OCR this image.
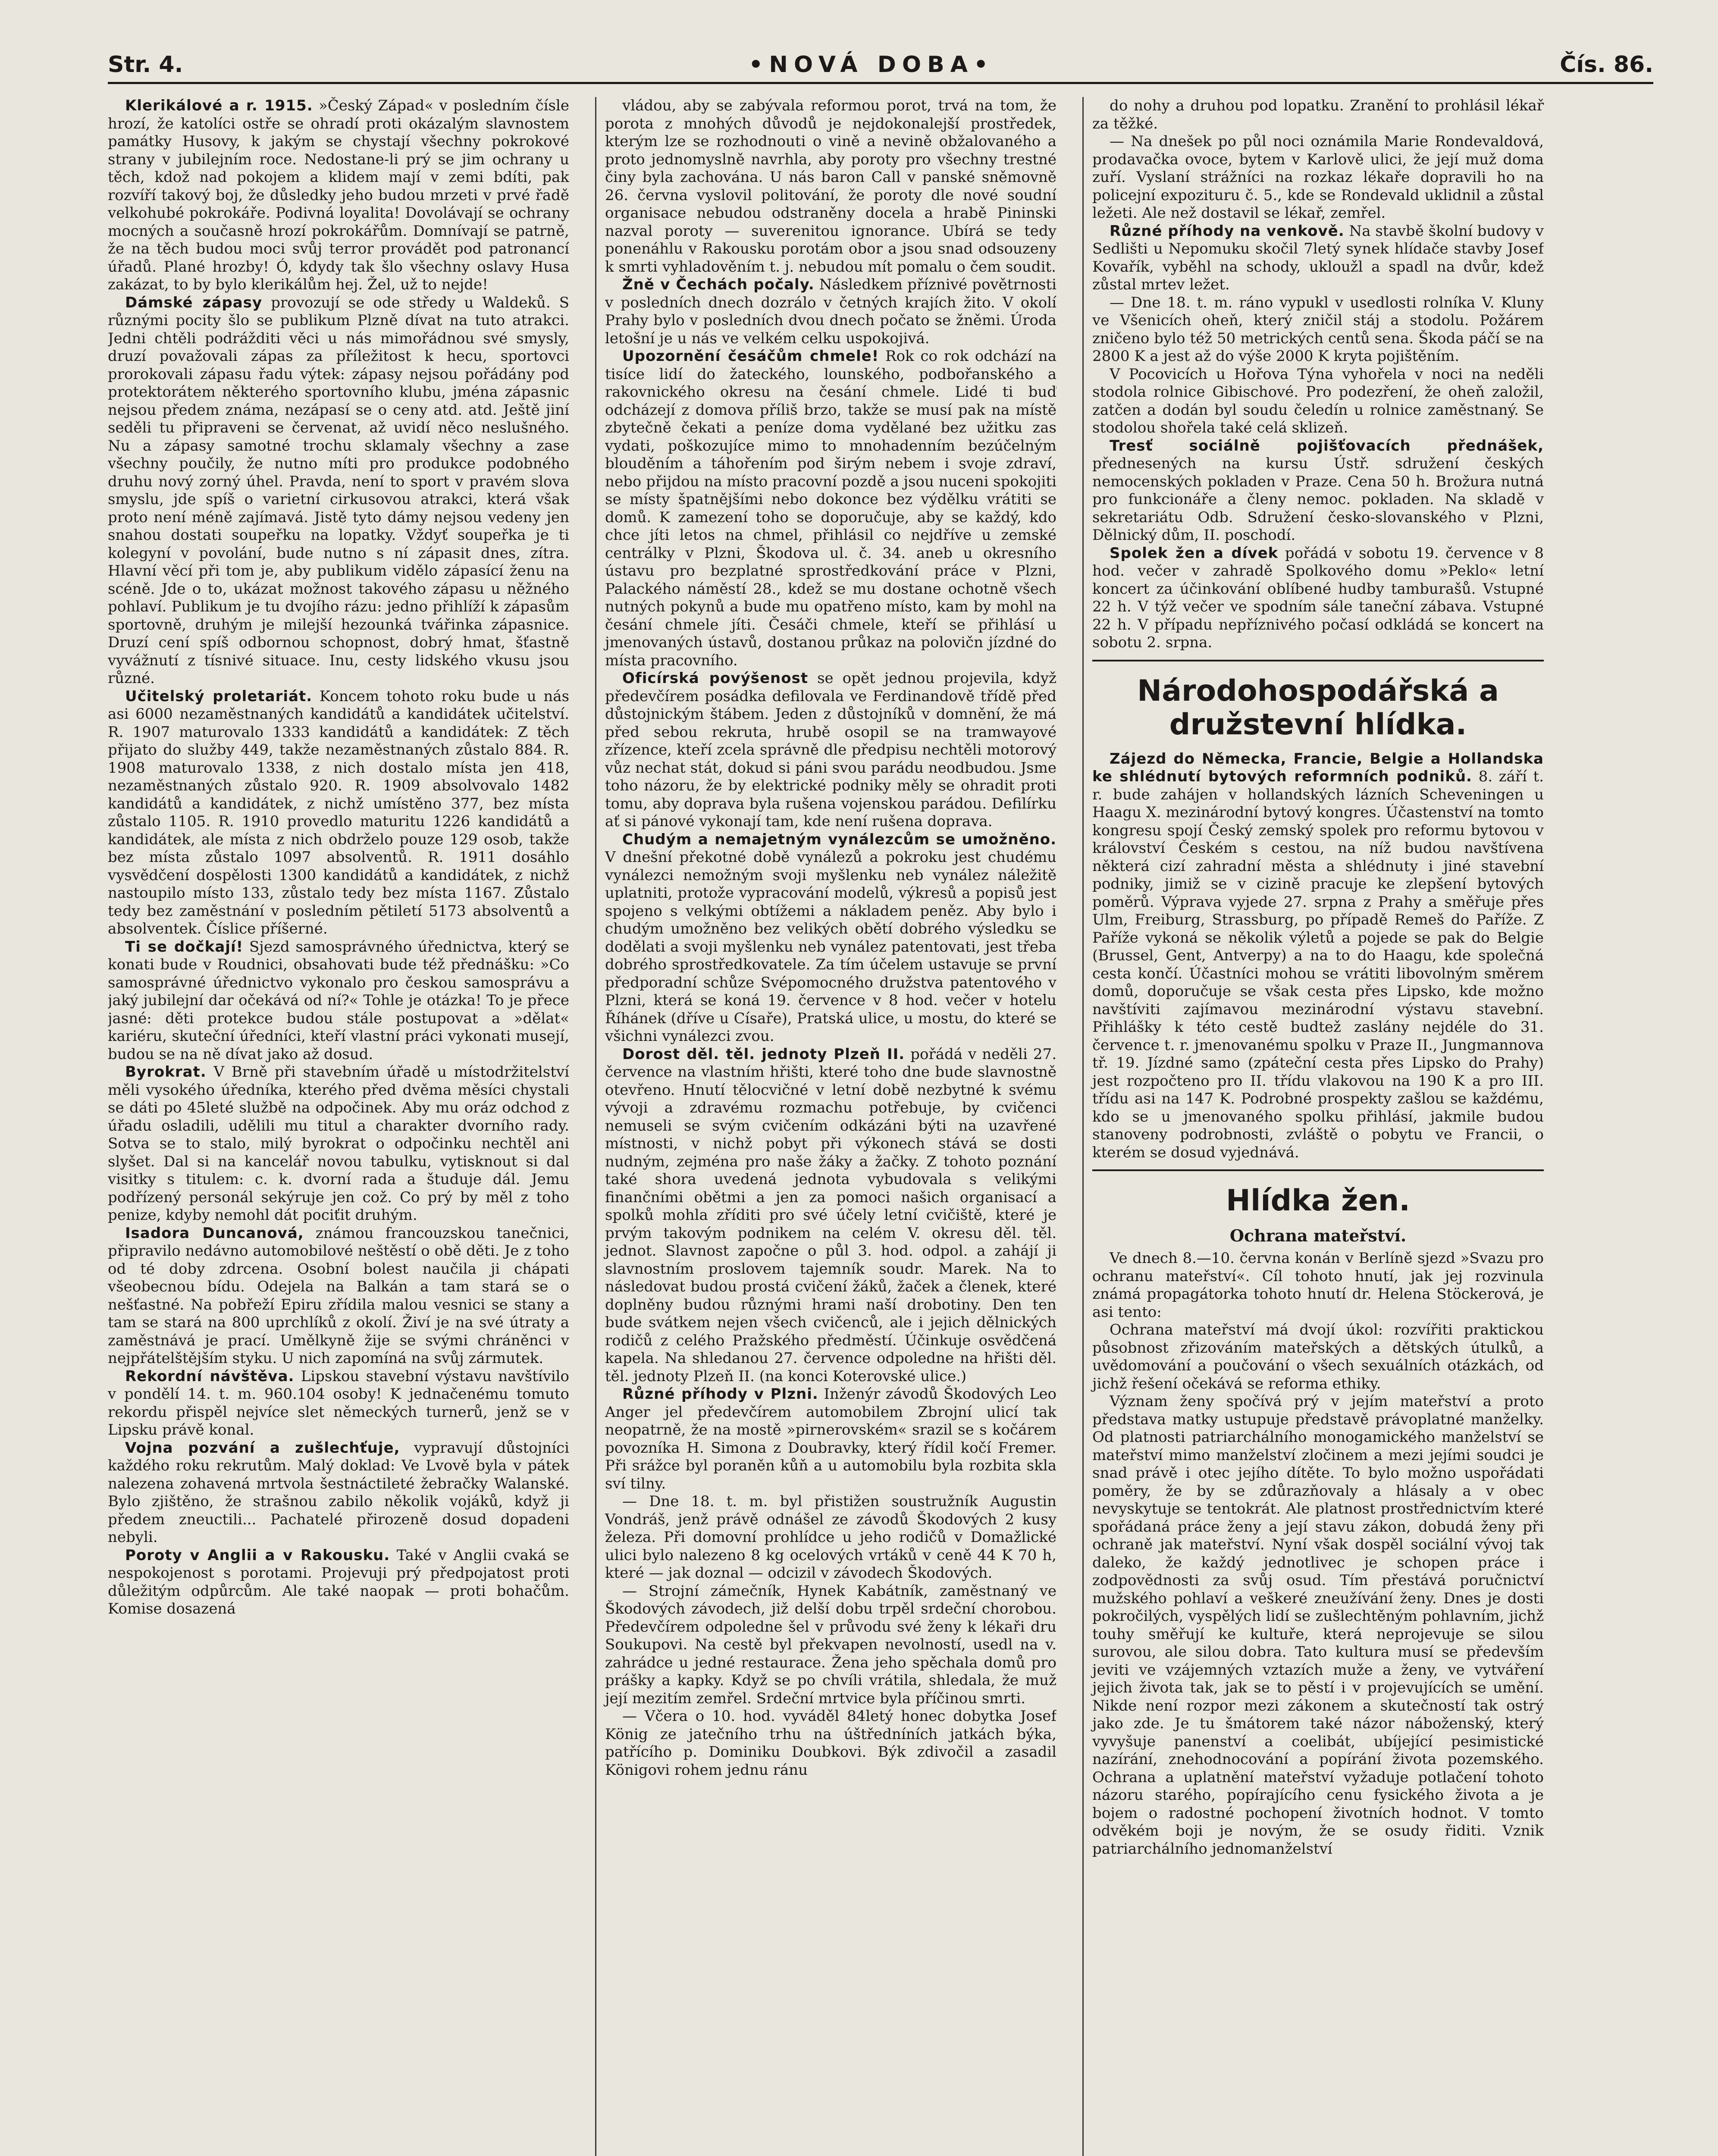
Str. 4.	•NOVÁ DOBA•	Čís. 86.

Klerikálové a r. 1915. »Český Západ« v posledním čísle hrozí, že katolíci ostře se ohradí proti okázalým slavnostem památky Husovy, k jakým se chystají všechny pokrokové strany v jubilejním roce. Nedostane-li prý se jim ochrany u těch, kdož nad pokojem a klidem mají v zemi bdíti, pak rozvíří takový boj, že důsledky jeho budou mrzeti v prvé řadě velkohubé pokrokáře. Podivná loyalita! Dovolávají se ochrany mocných a současně hrozí pokrokářům. Domnívají se patrně, že na těch budou moci svůj terror provádět pod patronancí úřadů. Plané hrozby! Ó, kdydy tak šlo všechny oslavy Husa zakázat, to by bylo klerikálům hej. Žel, už to nejde!

Dámské zápasy provozují se ode středy u Waldeků. S různými pocity šlo se publikum Plzně dívat na tuto atrakci. Jedni chtěli podrážditi věci u nás mimořádnou své smysly, druzí považovali zápas za příležitost k hecu, sportovci prorokovali zápasu řadu výtek: zápasy nejsou pořádány pod protektorátem některého sportovního klubu, jména zápasnic nejsou předem známa, nezápasí se o ceny atd. atd. Ještě jiní seděli tu připraveni se červenat, až uvidí něco neslušného. Nu a zápasy samotné trochu sklamaly všechny a zase všechny poučily, že nutno míti pro produkce podobného druhu nový zorný úhel. Pravda, není to sport v pravém slova smyslu, jde spíš o varietní cirkusovou atrakci, která však proto není méně zajímavá. Jistě tyto dámy nejsou vedeny jen snahou dostati soupeřku na lopatky. Vždyť soupeřka je ti kolegyní v povolání, bude nutno s ní zápasit dnes, zítra. Hlavní věcí při tom je, aby publikum vidělo zápasící ženu na scéně. Jde o to, ukázat možnost takového zápasu u něžného pohlaví. Publikum je tu dvojího rázu: jedno přihlíží k zápasům sportovně, druhým je milejší hezounká tvářinka zápasnice. Druzí cení spíš odbornou schopnost, dobrý hmat, šťastně vyvážnutí z tísnivé situace. Inu, cesty lidského vkusu jsou různé.

Učitelský proletariát. Koncem tohoto roku bude u nás asi 6000 nezaměstnaných kandidátů a kandidátek učitelství. R. 1907 maturovalo 1333 kandidátů a kandidátek: Z těch přijato do služby 449, takže nezaměstnaných zůstalo 884. R. 1908 maturovalo 1338, z nich dostalo místa jen 418, nezaměstnaných zůstalo 920. R. 1909 absolvovalo 1482 kandidátů a kandidátek, z nichž umístěno 377, bez místa zůstalo 1105. R. 1910 provedlo maturitu 1226 kandidátů a kandidátek, ale místa z nich obdrželo pouze 129 osob, takže bez místa zůstalo 1097 absolventů. R. 1911 dosáhlo vysvědčení dospělosti 1300 kandidátů a kandidátek, z nichž nastoupilo místo 133, zůstalo tedy bez místa 1167. Zůstalo tedy bez zaměstnání v posledním pětiletí 5173 absolventů a absolventek. Číslice příšerné.

Ti se dočkají! Sjezd samosprávného úřednictva, který se konati bude v Roudnici, obsahovati bude též přednášku: »Co samosprávné úřednictvo vykonalo pro českou samosprávu a jaký jubilejní dar očekává od ní?« Tohle je otázka! To je přece jasné: děti protekce budou stále postupovat a »dělat« kariéru, skuteční úředníci, kteří vlastní práci vykonati musejí, budou se na ně dívat jako až dosud.

Byrokrat. V Brně při stavebním úřadě u místodržitelství měli vysokého úředníka, kterého před dvěma měsíci chystali se dáti po 45leté službě na odpočinek. Aby mu oráz odchod z úřadu osladili, udělili mu titul a charakter dvorního rady. Sotva se to stalo, milý byrokrat o odpočinku nechtěl ani slyšet. Dal si na kancelář novou tabulku, vytisknout si dal visitky s titulem: c. k. dvorní rada a študuje dál. Jemu podřízený personál sekýruje jen což. Co prý by měl z toho penize, kdyby nemohl dát pociťit druhým.

Isadora Duncanová, známou francouzskou tanečnici, připravilo nedávno automobilové neštěstí o obě děti. Je z toho od té doby zdrcena. Osobní bolest naučila ji chápati všeobecnou bídu. Odejela na Balkán a tam stará se o nešťastné. Na pobřeží Epiru zřídila malou vesnici se stany a tam se stará na 800 uprchlíků z okolí. Živí je na své útraty a zaměstnává je prací. Umělkyně žije se svými chráněnci v nejpřátelštějším styku. U nich zapomíná na svůj zármutek.

Rekordní návštěva. Lipskou stavební výstavu navštívilo v pondělí 14. t. m. 960.104 osoby! K jednačenému tomuto rekordu přispěl nejvíce slet německých turnerů, jenž se v Lipsku právě konal.

Vojna pozvání a zušlechťuje, vypravují důstojníci každého roku rekrutům. Malý doklad: Ve Lvově byla v pátek nalezena zohavená mrtvola šestnáctileté žebračky Walanské. Bylo zjištěno, že strašnou zabilo několik vojáků, když ji předem zneuctili... Pachatelé přirozeně dosud dopadeni nebyli.

Poroty v Anglii a v Rakousku. Také v Anglii cvaká se nespokojenost s porotami. Projevuji prý předpojatost proti důležitým odpůrcům. Ale také naopak — proti bohačům. Komise dosazená

vládou, aby se zabývala reformou porot, trvá na tom, že porota z mnohých důvodů je nejdokonalejší prostředek, kterým lze se rozhodnouti o vině a nevině obžalovaného a proto jednomyslně navrhla, aby poroty pro všechny trestné činy byla zachována. U nás baron Call v panské sněmovně 26. června vyslovil politování, že poroty dle nové soudní organisace nebudou odstraněny docela a hrabě Pininski nazval poroty — suverenitou ignorance. Ubírá se tedy ponenáhlu v Rakousku porotám obor a jsou snad odsouzeny k smrti vyhladověním t. j. nebudou mít pomalu o čem soudit.

Žně v Čechách počaly. Následkem příznivé povětrnosti v posledních dnech dozrálo v četných krajích žito. V okolí Prahy bylo v posledních dvou dnech počato se žněmi. Úroda letošní je u nás ve velkém celku uspokojivá.

Upozornění česáčům chmele! Rok co rok odchází na tisíce lidí do žateckého, lounského, podbořanského a rakovnického okresu na česání chmele. Lidé ti buď odcházejí z domova příliš brzo, takže se musí pak na místě zbytečně čekati a peníze doma vydělané bez užitku zas vydati, poškozujíce mimo to mnohadenním bezúčelným blouděním a táhořením pod širým nebem i svoje zdraví, nebo přijdou na místo pracovní pozdě a jsou nuceni spokojiti se místy špatnějšími nebo dokonce bez výdělku vrátiti se domů. K zamezení toho se doporučuje, aby se každý, kdo chce jíti letos na chmel, přihlásil co nejdříve u zemské centrálky v Plzni, Škodova ul. č. 34. aneb u okresního ústavu pro bezplatné sprostředkování práce v Plzni, Palackého náměstí 28., kdež se mu dostane ochotně všech nutných pokynů a bude mu opatřeno místo, kam by mohl na česání chmele jíti. Česáči chmele, kteří se přihlásí u jmenovaných ústavů, dostanou průkaz na polovičn jízdné do místa pracovního.

Oficírská povýšenost se opět jednou projevila, když předevčírem posádka defilovala ve Ferdinandově třídě před důstojnickým štábem. Jeden z důstojníků v domnění, že má před sebou rekruta, hrubě osopil se na tramwayové zřízence, kteří zcela správně dle předpisu nechtěli motorový vůz nechat stát, dokud si páni svou parádu neodbudou. Jsme toho názoru, že by elektrické podniky měly se ohradit proti tomu, aby doprava byla rušena vojenskou parádou. Defilírku ať si pánové vykonají tam, kde není rušena doprava.

Chudým a nemajetným vynálezcům se umožněno. V dnešní překotné době vynálezů a pokroku jest chudému vynálezci nemožným svoji myšlenku neb vynález náležitě uplatniti, protože vypracování modelů, výkresů a popisů jest spojeno s velkými obtížemi a nákladem peněz. Aby bylo i chudým umožněno bez velikých obětí dobrého výsledku se dodělati a svoji myšlenku neb vynález patentovati, jest třeba dobrého sprostředkovatele. Za tím účelem ustavuje se první předporadní schůze Svépomocného družstva patentového v Plzni, která se koná 19. července v 8 hod. večer v hotelu Říhánek (dříve u Císaře), Pratská ulice, u mostu, do které se všichni vynálezci zvou.

Dorost děl. těl. jednoty Plzeň II. pořádá v neděli 27. července na vlastním hřišti, které toho dne bude slavnostně otevřeno. Hnutí tělocvičné v letní době nezbytné k svému vývoji a zdravému rozmachu potřebuje, by cvičenci nemuseli se svým cvičením odkázáni býti na uzavřené místnosti, v nichž pobyt při výkonech stává se dosti nudným, zejména pro naše žáky a žačky. Z tohoto poznání také shora uvedená jednota vybudovala s velikými finančními obětmi a jen za pomoci našich organisací a spolků mohla zříditi pro své účely letní cvičiště, které je prvým takovým podnikem na celém V. okresu děl. těl. jednot. Slavnost započne o půl 3. hod. odpol. a zahájí ji slavnostním proslovem tajemník soudr. Marek. Na to následovat budou prostá cvičení žáků, žaček a členek, které doplněny budou různými hrami naší drobotiny. Den ten bude svátkem nejen všech cvičenců, ale i jejich dělnických rodičů z celého Pražského předměstí. Účinkuje osvědčená kapela. Na shledanou 27. července odpoledne na hřišti děl. těl. jednoty Plzeň II. (na konci Koterovské ulice.)

Různé příhody v Plzni. Inženýr závodů Škodových Leo Anger jel předevčírem automobilem Zbrojní ulicí tak neopatrně, že na mostě »pirnerovském« srazil se s kočárem povozníka H. Simona z Doubravky, který řídil kočí Fremer. Při srážce byl poraněn kůň a u automobilu byla rozbita skla sví tilny.

— Dne 18. t. m. byl přistižen soustružník Augustin Vondráš, jenž právě odnášel ze závodů Škodových 2 kusy železa. Při domovní prohlídce u jeho rodičů v Domažlické ulici bylo nalezeno 8 kg ocelových vrtáků v ceně 44 K 70 h, které — jak doznal — odcizil v závodech Škodových.

— Strojní zámečník, Hynek Kabátník, zaměstnaný ve Škodových závodech, již delší dobu trpěl srdeční chorobou. Předevčírem odpoledne šel v průvodu své ženy k lékaři dru Soukupovi. Na cestě byl překvapen nevolností, usedl na v. zahrádce u jedné restaurace. Žena jeho spěchala domů pro prášky a kapky. Když se po chvíli vrátila, shledala, že muž její mezitím zemřel. Srdeční mrtvice byla příčinou smrti.

— Včera o 10. hod. vyváděl 84letý honec dobytka Josef König ze jatečního trhu na úštředníních jatkách býka, patřícího p. Dominiku Doubkovi. Býk zdivočil a zasadil Königovi rohem jednu ránu

do nohy a druhou pod lopatku. Zranění to prohlásil lékař za těžké.

— Na dnešek po půl noci oznámila Marie Rondevaldová, prodavačka ovoce, bytem v Karlově ulici, že její muž doma zuří. Vyslaní strážníci na rozkaz lékaře dopravili ho na policejní expozituru č. 5., kde se Rondevald uklidnil a zůstal ležeti. Ale než dostavil se lékař, zemřel.

Různé příhody na venkově. Na stavbě školní budovy v Sedlišti u Nepomuku skočil 7letý synek hlídače stavby Josef Kovařík, vyběhl na schody, ukloužl a spadl na dvůr, kdež zůstal mrtev ležet.

— Dne 18. t. m. ráno vypukl v usedlosti rolníka V. Kluny ve Všenicích oheň, který zničil stáj a stodolu. Požárem zničeno bylo též 50 metrických centů sena. Škoda páčí se na 2800 K a jest až do výše 2000 K kryta pojištěním.

V Pocovicích u Hořova Týna vyhořela v noci na neděli stodola rolnice Gibischové. Pro podezření, že oheň založil, zatčen a dodán byl soudu čeledín u rolnice zaměstnaný. Se stodolou shořela také celá sklizeň.

Tresť sociálně pojišťovacích přednášek, přednesených na kursu Ústř. sdružení českých nemocenských pokladen v Praze. Cena 50 h. Brožura nutná pro funkcionáře a členy nemoc. pokladen. Na skladě v sekretariátu Odb. Sdružení česko-slovanského v Plzni, Dělnický dům, II. poschodí.

Spolek žen a dívek pořádá v sobotu 19. července v 8 hod. večer v zahradě Spolkového domu »Peklo« letní koncert za účinkování oblíbené hudby tamburašů. Vstupné 22 h. V týž večer ve spodním sále taneční zábava. Vstupné 22 h. V případu nepříznivého počasí odkládá se koncert na sobotu 2. srpna.

Národohospodářská a družstevní hlídka.

Zájezd do Německa, Francie, Belgie a Hollandska ke shlédnutí bytových reformních podniků. 8. září t. r. bude zahájen v hollandských lázních Scheveningen u Haagu X. mezinárodní bytový kongres. Účastenství na tomto kongresu spojí Český zemský spolek pro reformu bytovou v království Českém s cestou, na níž budou navštívena některá cizí zahradní města a shlédnuty i jiné stavební podniky, jimiž se v cizině pracuje ke zlepšení bytových poměrů. Výprava vyjede 27. srpna z Prahy a směřuje přes Ulm, Freiburg, Strassburg, po případě Remeš do Paříže. Z Paříže vykoná se několik výletů a pojede se pak do Belgie (Brussel, Gent, Antverpy) a na to do Haagu, kde společná cesta končí. Účastníci mohou se vrátiti libovolným směrem domů, doporučuje se však cesta přes Lipsko, kde možno navštíviti zajímavou mezinárodní výstavu stavební. Přihlášky k této cestě budtež zaslány nejdéle do 31. července t. r. jmenovanému spolku v Praze II., Jungmannova tř. 19. Jízdné samo (zpáteční cesta přes Lipsko do Prahy) jest rozpočteno pro II. třídu vlakovou na 190 K a pro III. třídu asi na 147 K. Podrobné prospekty zašlou se každému, kdo se u jmenovaného spolku přihlásí, jakmile budou stanoveny podrobnosti, zvláště o pobytu ve Francii, o kterém se dosud vyjednává.

Hlídka žen.
Ochrana mateřství.

Ve dnech 8.—10. června konán v Berlíně sjezd »Svazu pro ochranu mateřství«. Cíl tohoto hnutí, jak jej rozvinula známá propagátorka tohoto hnutí dr. Helena Stöckerová, je asi tento:

Ochrana mateřství má dvojí úkol: rozvířiti praktickou působnost zřizováním mateřských a dětských útulků, a uvědomování a poučování o všech sexuálních otázkách, od jichž řešení očekává se reforma ethiky.

Význam ženy spočívá prý v jejím mateřství a proto představa matky ustupuje představě právoplatné manželky. Od platnosti patriarchálního monogamického manželství se mateřství mimo manželství zločinem a mezi jejími soudci je snad právě i otec jejího dítěte. To bylo možno uspořádati poměry, že by se zdůrazňovaly a hlásaly a v obec nevyskytuje se tentokrát. Ale platnost prostřednictvím které spořádaná práce ženy a její stavu zákon, dobudá ženy při ochraně jak mateřství. Nyní však dospěl sociální vývoj tak daleko, že každý jednotlivec je schopen práce i zodpovědnosti za svůj osud. Tím přestává poručnictví mužského pohlaví a veškeré zneužívání ženy. Dnes je dosti pokročilých, vyspělých lidí se zušlechtěným pohlavním, jichž touhy směřují ke kultuře, která neprojevuje se silou surovou, ale silou dobra. Tato kultura musí se především jeviti ve vzájemných vztazích muže a ženy, ve vytváření jejich života tak, jak se to pěstí i v projevujících se umění. Nikde není rozpor mezi zákonem a skutečností tak ostrý jako zde. Je tu šmátorem také názor náboženský, který vyvyšuje panenství a coelibát, ubíjející pesimistické nazírání, znehodnocování a popírání života pozemského. Ochrana a uplatnění mateřství vyžaduje potlačení tohoto názoru starého, popírajícího cenu fysického života a je bojem o radostné pochopení životních hodnot. V tomto odvěkém boji je novým, že se osudy řiditi. Vznik patriarchálního jednomanželství
